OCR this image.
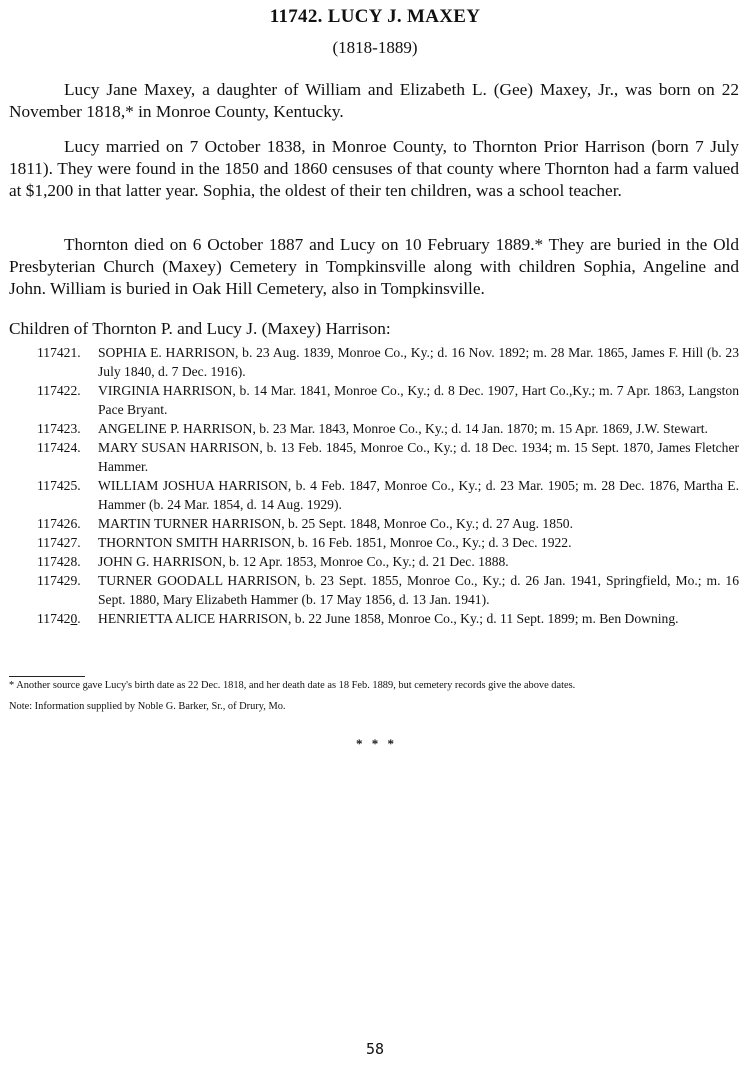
11742. LUCY J. MAXEY
(1818-1889)

Lucy Jane Maxey, a daughter of William and Elizabeth L. (Gee) Maxey, Jr., was born on 22 November 1818,* in Monroe County, Kentucky.

Lucy married on 7 October 1838, in Monroe County, to Thornton Prior Harrison (born 7 July 1811). They were found in the 1850 and 1860 censuses of that county where Thornton had a farm valued at $1,200 in that latter year. Sophia, the oldest of their ten children, was a school teacher.

Thornton died on 6 October 1887 and Lucy on 10 February 1889.* They are buried in the Old Presbyterian Church (Maxey) Cemetery in Tompkinsville along with children Sophia, Angeline and John. William is buried in Oak Hill Cemetery, also in Tompkinsville.

Children of Thornton P. and Lucy J. (Maxey) Harrison:

117421. SOPHIA E. HARRISON, b. 23 Aug. 1839, Monroe Co., Ky.; d. 16 Nov. 1892; m. 28 Mar. 1865, James F. Hill (b. 23 July 1840, d. 7 Dec. 1916).
117422. VIRGINIA HARRISON, b. 14 Mar. 1841, Monroe Co., Ky.; d. 8 Dec. 1907, Hart Co.,Ky.; m. 7 Apr. 1863, Langston Pace Bryant.
117423. ANGELINE P. HARRISON, b. 23 Mar. 1843, Monroe Co., Ky.; d. 14 Jan. 1870; m. 15 Apr. 1869, J.W. Stewart.
117424. MARY SUSAN HARRISON, b. 13 Feb. 1845, Monroe Co., Ky.; d. 18 Dec. 1934; m. 15 Sept. 1870, James Fletcher Hammer.
117425. WILLIAM JOSHUA HARRISON, b. 4 Feb. 1847, Monroe Co., Ky.; d. 23 Mar. 1905; m. 28 Dec. 1876, Martha E. Hammer (b. 24 Mar. 1854, d. 14 Aug. 1929).
117426. MARTIN TURNER HARRISON, b. 25 Sept. 1848, Monroe Co., Ky.; d. 27 Aug. 1850.
117427. THORNTON SMITH HARRISON, b. 16 Feb. 1851, Monroe Co., Ky.; d. 3 Dec. 1922.
117428. JOHN G. HARRISON, b. 12 Apr. 1853, Monroe Co., Ky.; d. 21 Dec. 1888.
117429. TURNER GOODALL HARRISON, b. 23 Sept. 1855, Monroe Co., Ky.; d. 26 Jan. 1941, Springfield, Mo.; m. 16 Sept. 1880, Mary Elizabeth Hammer (b. 17 May 1856, d. 13 Jan. 1941).
117420. HENRIETTA ALICE HARRISON, b. 22 June 1858, Monroe Co., Ky.; d. 11 Sept. 1899; m. Ben Downing.

* Another source gave Lucy's birth date as 22 Dec. 1818, and her death date as 18 Feb. 1889, but cemetery records give the above dates.

Note: Information supplied by Noble G. Barker, Sr., of Drury, Mo.

* * *
58
